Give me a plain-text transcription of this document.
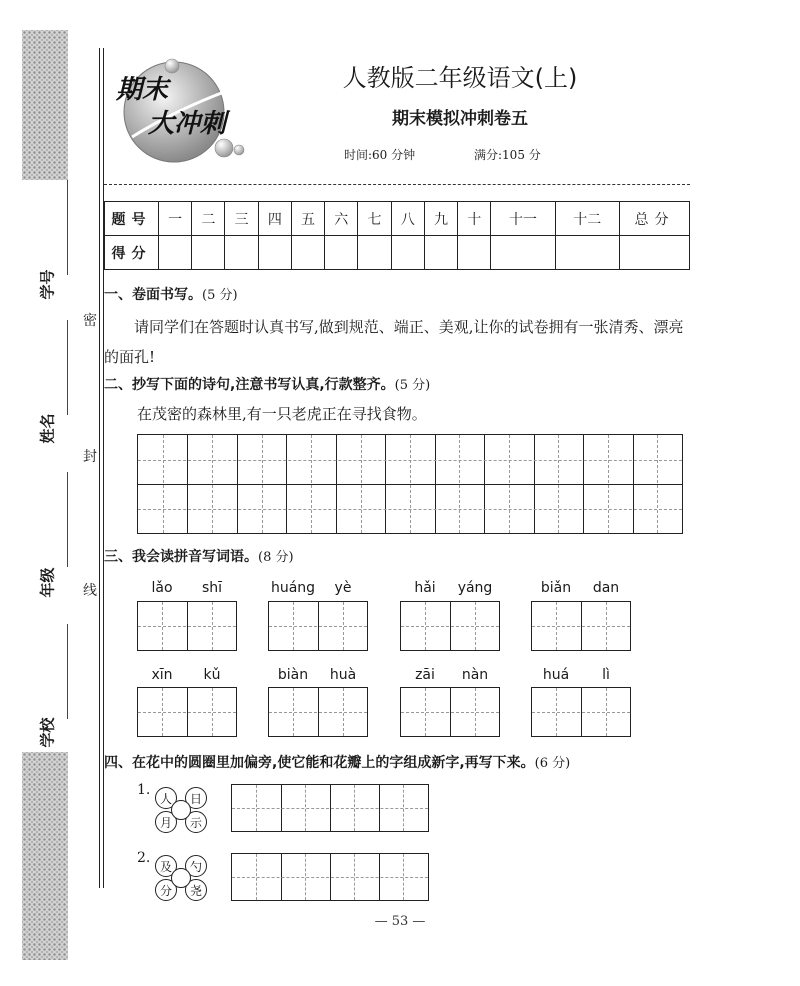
学号
姓名
年级
学校
密
封
线
期末
大冲刺
人教版二年级语文(上)
期末模拟冲刺卷五
时间:60 分钟	满分:105 分
题号	一	二	三	四	五	六	七	八	九	十	十一	十二	总分
得分													
一、卷面书写。(5 分)
请同学们在答题时认真书写,做到规范、端正、美观,让你的试卷拥有一张清秀、漂亮的面孔!
二、抄写下面的诗句,注意书写认真,行款整齐。(5 分)
在茂密的森林里,有一只老虎正在寻找食物。
三、我会读拼音写词语。(8 分)
lǎo	shī	huáng	yè	hǎi	yáng	biǎn	dan
xīn	kǔ	biàn	huà	zāi	nàn	huá	lì
四、在花中的圆圈里加偏旁,使它能和花瓣上的字组成新字,再写下来。(6 分)
1.
人	日
月	示
2.
及	勺
分	尧
— 53 —
